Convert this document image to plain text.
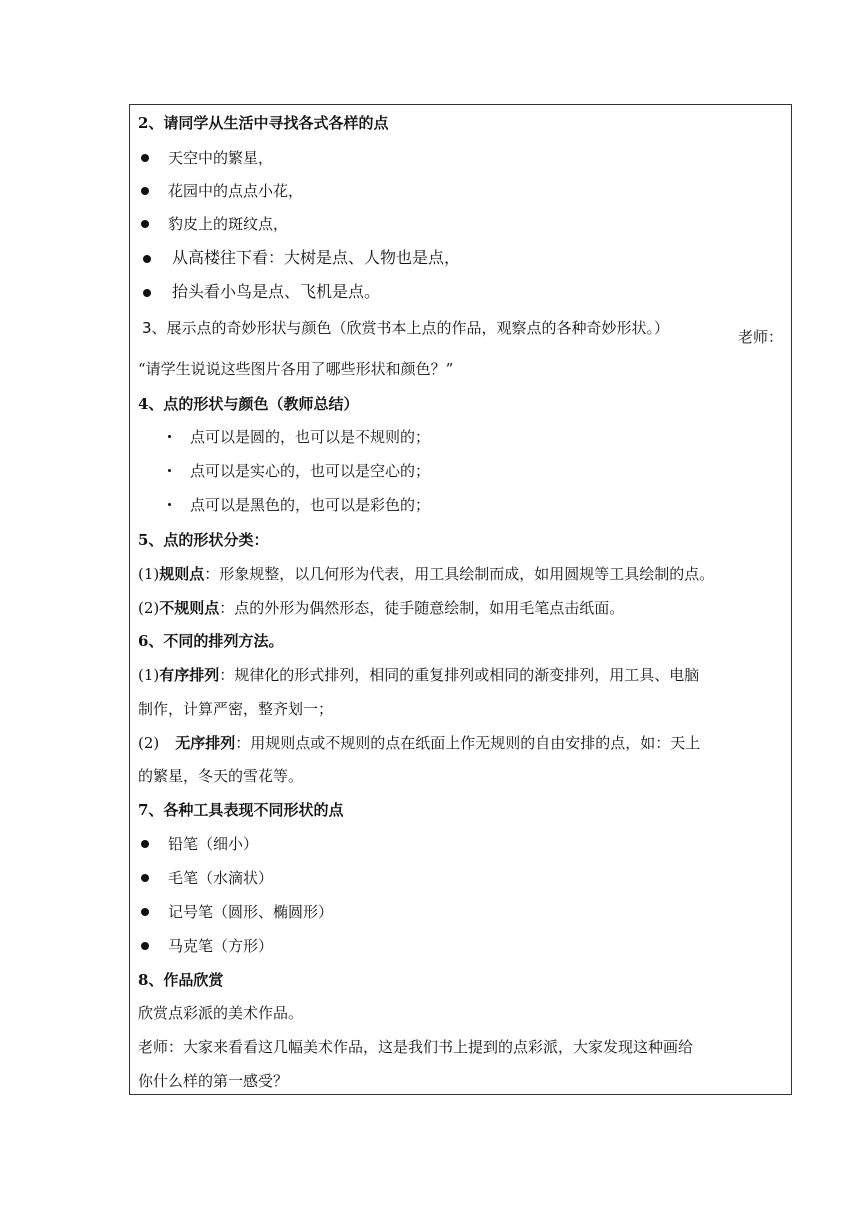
2、请同学从生活中寻找各式各样的点
天空中的繁星，
花园中的点点小花，
豹皮上的斑纹点，
从高楼往下看：大树是点、人物也是点，
抬头看小鸟是点、飞机是点。
3、展示点的奇妙形状与颜色（欣赏书本上点的作品，观察点的各种奇妙形状。）	老师：
“请学生说说这些图片各用了哪些形状和颜色？”
4、点的形状与颜色（教师总结）
点可以是圆的，也可以是不规则的；
点可以是实心的，也可以是空心的；
点可以是黑色的，也可以是彩色的；
5、点的形状分类：
(1)规则点：形象规整，以几何形为代表，用工具绘制而成，如用圆规等工具绘制的点。
(2)不规则点：点的外形为偶然形态，徒手随意绘制，如用毛笔点击纸面。
6、不同的排列方法。
(1)有序排列：规律化的形式排列，相同的重复排列或相同的渐变排列，用工具、电脑
制作，计算严密，整齐划一；
(2) 无序排列：用规则点或不规则的点在纸面上作无规则的自由安排的点，如：天上
的繁星，冬天的雪花等。
7、各种工具表现不同形状的点
铅笔（细小）
毛笔（水滴状）
记号笔（圆形、椭圆形）
马克笔（方形）
8、作品欣赏
欣赏点彩派的美术作品。
老师：大家来看看这几幅美术作品，这是我们书上提到的点彩派，大家发现这种画给
你什么样的第一感受？
